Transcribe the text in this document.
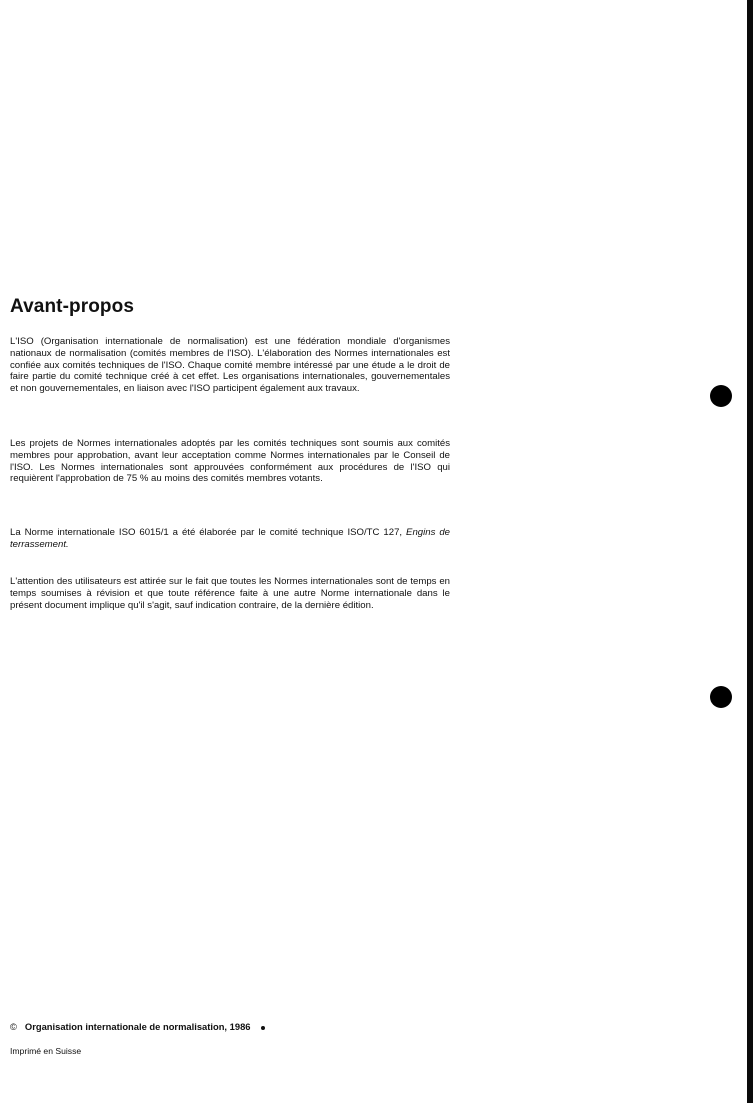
Avant-propos

L'ISO (Organisation internationale de normalisation) est une fédération mondiale d'organismes nationaux de normalisation (comités membres de l'ISO). L'élaboration des Normes internationales est confiée aux comités techniques de l'ISO. Chaque comité membre intéressé par une étude a le droit de faire partie du comité technique créé à cet effet. Les organisations internationales, gouvernementales et non gouvernementales, en liaison avec l'ISO participent également aux travaux.

Les projets de Normes internationales adoptés par les comités techniques sont soumis aux comités membres pour approbation, avant leur acceptation comme Normes internationales par le Conseil de l'ISO. Les Normes internationales sont approuvées conformément aux procédures de l'ISO qui requièrent l'approbation de 75 % au moins des comités membres votants.

La Norme internationale ISO 6015/1 a été élaborée par le comité technique ISO/TC 127, Engins de terrassement.

L'attention des utilisateurs est attirée sur le fait que toutes les Normes internationales sont de temps en temps soumises à révision et que toute référence faite à une autre Norme internationale dans le présent document implique qu'il s'agit, sauf indication contraire, de la dernière édition.

© Organisation internationale de normalisation, 1986
Imprimé en Suisse
